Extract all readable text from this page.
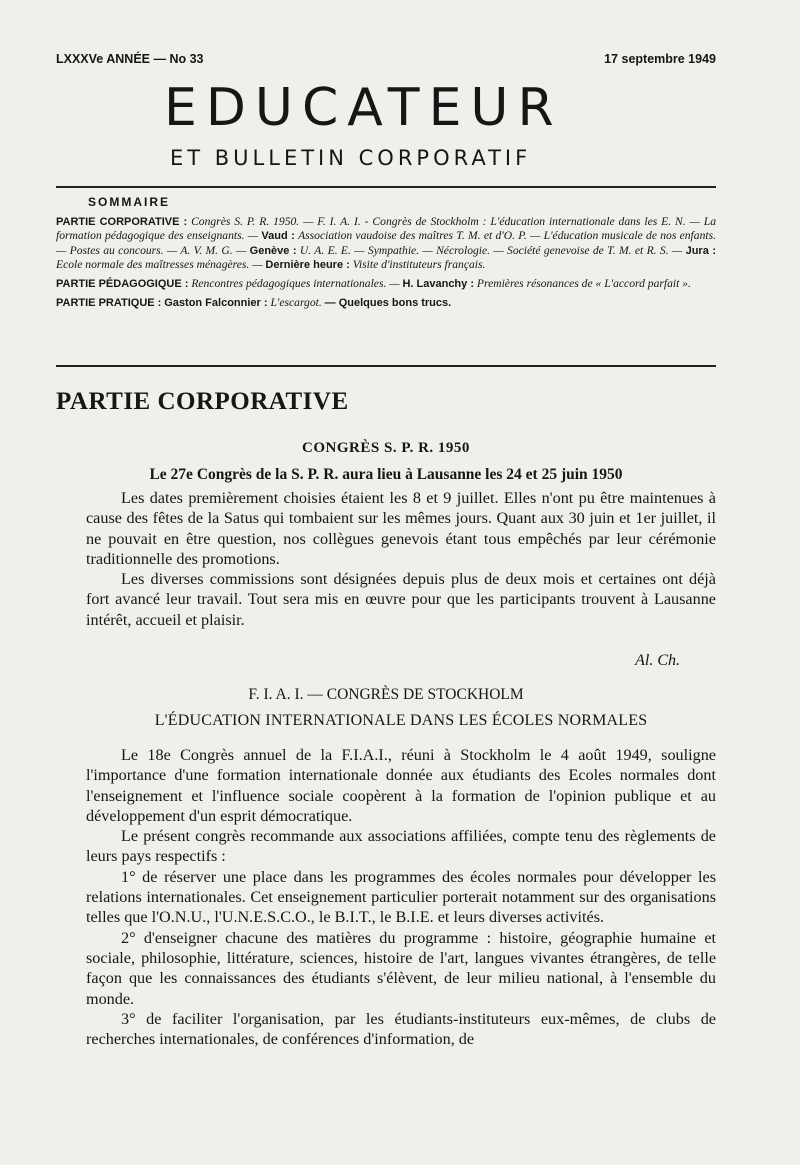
LXXXVe ANNÉE — No 33	17 septembre 1949
EDUCATEUR
ET BULLETIN CORPORATIF
SOMMAIRE

PARTIE CORPORATIVE : Congrès S. P. R. 1950. — F. I. A. I. - Congrès de Stockholm : L'éducation internationale dans les E. N. — La formation pédagogique des enseignants. — Vaud : Association vaudoise des maîtres T. M. et d'O. P. — L'éducation musicale de nos enfants. — Postes au concours. — A. V. M. G. — Genève : U. A. E. E. — Sympathie. — Nécrologie. — Société genevoise de T. M. et R. S. — Jura : Ecole normale des maîtresses ménagères. — Dernière heure : Visite d'instituteurs français.

PARTIE PÉDAGOGIQUE : Rencontres pédagogiques internationales. — H. Lavanchy : Premières résonances de « L'accord parfait ».

PARTIE PRATIQUE : Gaston Falconnier : L'escargot. — Quelques bons trucs.

PARTIE CORPORATIVE
CONGRÈS S. P. R. 1950
Le 27e Congrès de la S. P. R. aura lieu à Lausanne les 24 et 25 juin 1950

Les dates premièrement choisies étaient les 8 et 9 juillet. Elles n'ont pu être maintenues à cause des fêtes de la Satus qui tombaient sur les mêmes jours. Quant aux 30 juin et 1er juillet, il ne pouvait en être question, nos collègues genevois étant tous empêchés par leur cérémonie traditionnelle des promotions.

Les diverses commissions sont désignées depuis plus de deux mois et certaines ont déjà fort avancé leur travail. Tout sera mis en œuvre pour que les participants trouvent à Lausanne intérêt, accueil et plaisir.

Al. Ch.
F. I. A. I. — CONGRÈS DE STOCKHOLM
L'ÉDUCATION INTERNATIONALE DANS LES ÉCOLES NORMALES

Le 18e Congrès annuel de la F.I.A.I., réuni à Stockholm le 4 août 1949, souligne l'importance d'une formation internationale donnée aux étudiants des Ecoles normales dont l'enseignement et l'influence sociale coopèrent à la formation de l'opinion publique et au développement d'un esprit démocratique.

Le présent congrès recommande aux associations affiliées, compte tenu des règlements de leurs pays respectifs :

1° de réserver une place dans les programmes des écoles normales pour développer les relations internationales. Cet enseignement particulier porterait notamment sur des organisations telles que l'O.N.U., l'U.N.E.S.C.O., le B.I.T., le B.I.E. et leurs diverses activités.

2° d'enseigner chacune des matières du programme : histoire, géographie humaine et sociale, philosophie, littérature, sciences, histoire de l'art, langues vivantes étrangères, de telle façon que les connaissances des étudiants s'élèvent, de leur milieu national, à l'ensemble du monde.

3° de faciliter l'organisation, par les étudiants-instituteurs eux-mêmes, de clubs de recherches internationales, de conférences d'information, de
